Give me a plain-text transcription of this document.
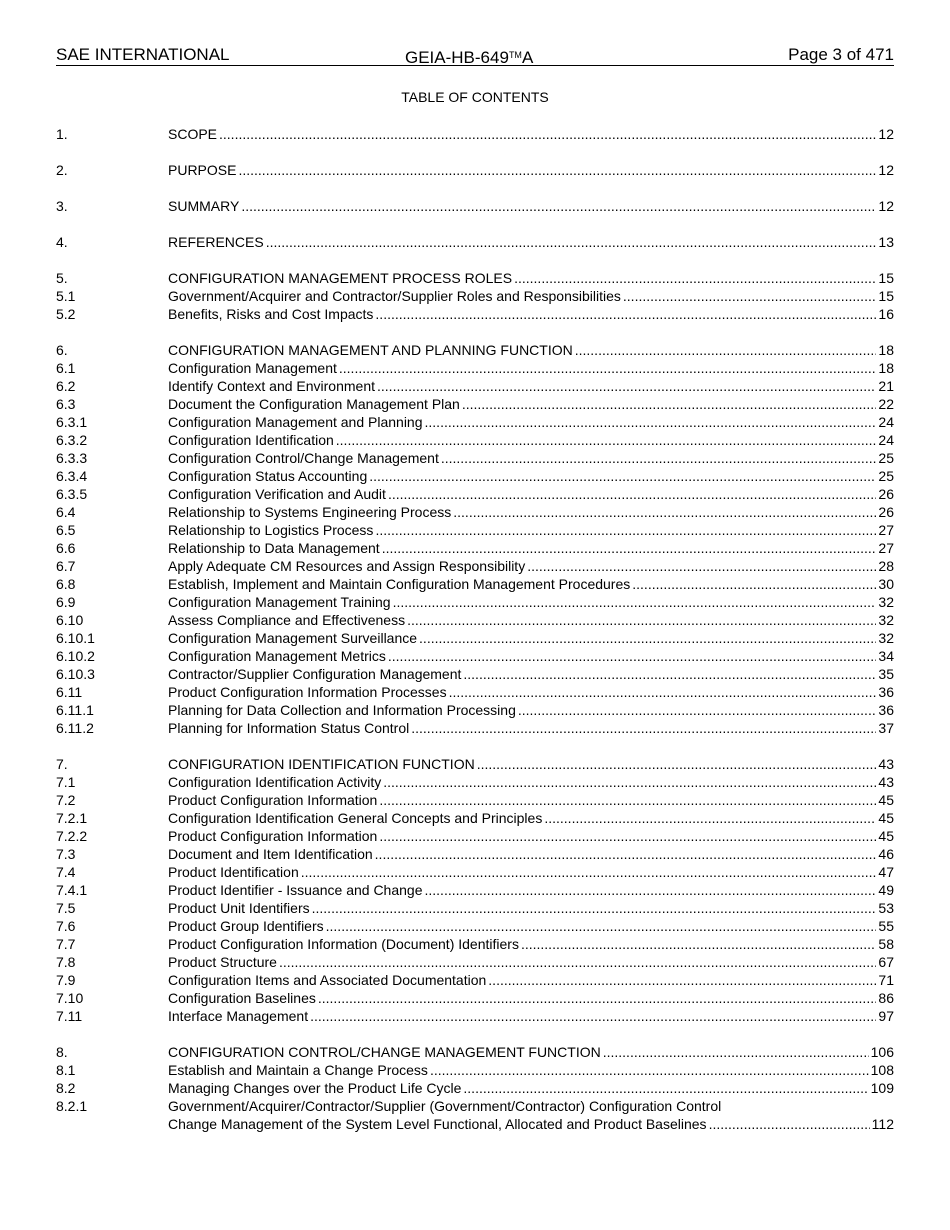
SAE INTERNATIONAL	GEIA-HB-649™A	Page 3 of 471
TABLE OF CONTENTS
1.	SCOPE .....	12
2.	PURPOSE .....	12
3.	SUMMARY .....	12
4.	REFERENCES .....	13
5.	CONFIGURATION MANAGEMENT PROCESS ROLES .....	15
5.1	Government/Acquirer and Contractor/Supplier Roles and Responsibilities .....	15
5.2	Benefits, Risks and Cost Impacts .....	16
6.	CONFIGURATION MANAGEMENT AND PLANNING FUNCTION .....	18
6.1	Configuration Management .....	18
6.2	Identify Context and Environment .....	21
6.3	Document the Configuration Management Plan .....	22
6.3.1	Configuration Management and Planning .....	24
6.3.2	Configuration Identification .....	24
6.3.3	Configuration Control/Change Management .....	25
6.3.4	Configuration Status Accounting .....	25
6.3.5	Configuration Verification and Audit .....	26
6.4	Relationship to Systems Engineering Process .....	26
6.5	Relationship to Logistics Process .....	27
6.6	Relationship to Data Management .....	27
6.7	Apply Adequate CM Resources and Assign Responsibility .....	28
6.8	Establish, Implement and Maintain Configuration Management Procedures .....	30
6.9	Configuration Management Training .....	32
6.10	Assess Compliance and Effectiveness .....	32
6.10.1	Configuration Management Surveillance .....	32
6.10.2	Configuration Management Metrics .....	34
6.10.3	Contractor/Supplier Configuration Management .....	35
6.11	Product Configuration Information Processes .....	36
6.11.1	Planning for Data Collection and Information Processing .....	36
6.11.2	Planning for Information Status Control .....	37
7.	CONFIGURATION IDENTIFICATION FUNCTION .....	43
7.1	Configuration Identification Activity .....	43
7.2	Product Configuration Information .....	45
7.2.1	Configuration Identification General Concepts and Principles .....	45
7.2.2	Product Configuration Information .....	45
7.3	Document and Item Identification .....	46
7.4	Product Identification .....	47
7.4.1	Product Identifier - Issuance and Change .....	49
7.5	Product Unit Identifiers .....	53
7.6	Product Group Identifiers .....	55
7.7	Product Configuration Information (Document) Identifiers .....	58
7.8	Product Structure .....	67
7.9	Configuration Items and Associated Documentation .....	71
7.10	Configuration Baselines .....	86
7.11	Interface Management .....	97
8.	CONFIGURATION CONTROL/CHANGE MANAGEMENT FUNCTION .....	106
8.1	Establish and Maintain a Change Process .....	108
8.2	Managing Changes over the Product Life Cycle .....	109
8.2.1	Government/Acquirer/Contractor/Supplier (Government/Contractor) Configuration Control
Change Management of the System Level Functional, Allocated and Product Baselines .....	112
